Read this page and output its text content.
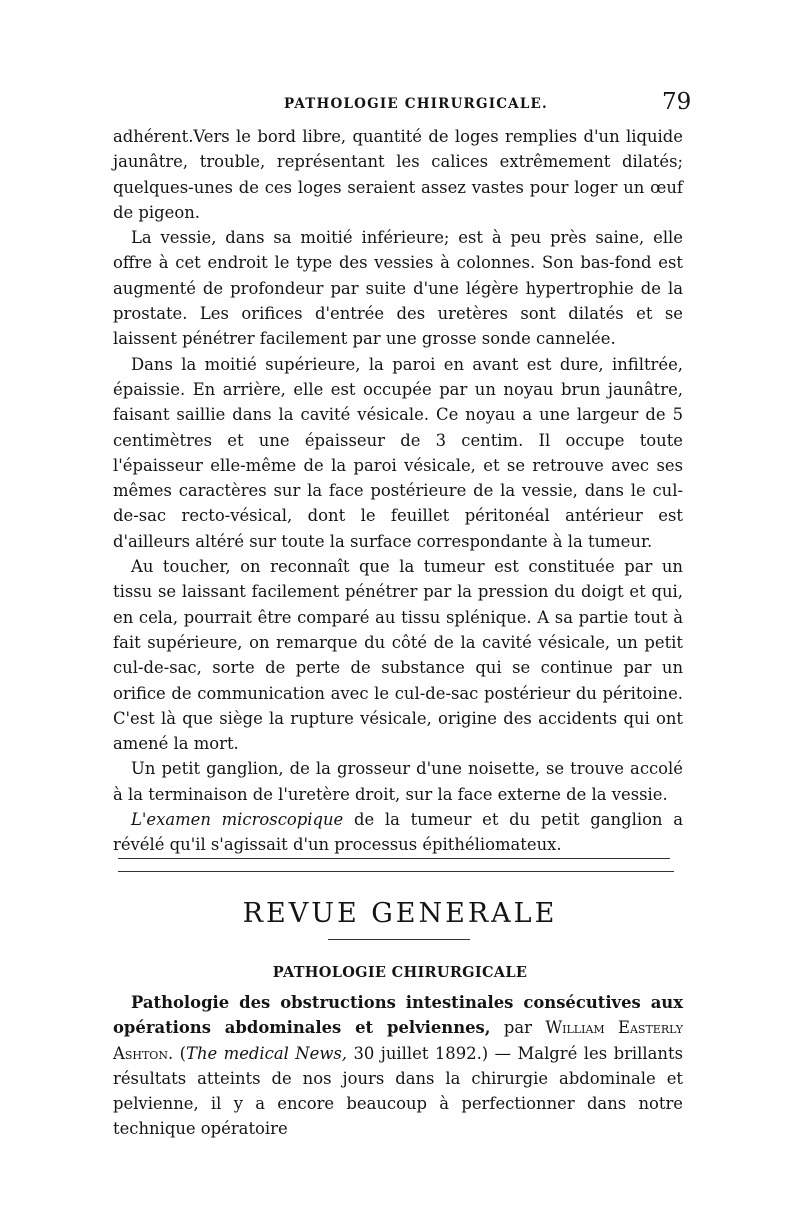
PATHOLOGIE CHIRURGICALE.	79

adhérent.Vers le bord libre, quantité de loges remplies d'un liquide jaunâtre, trouble, représentant les calices extrêmement dilatés; quelques-unes de ces loges seraient assez vastes pour loger un œuf de pigeon.

La vessie, dans sa moitié inférieure; est à peu près saine, elle offre à cet endroit le type des vessies à colonnes. Son bas-fond est augmenté de profondeur par suite d'une légère hypertrophie de la prostate. Les orifices d'entrée des uretères sont dilatés et se laissent pénétrer facilement par une grosse sonde cannelée.

Dans la moitié supérieure, la paroi en avant est dure, infiltrée, épaissie. En arrière, elle est occupée par un noyau brun jaunâtre, faisant saillie dans la cavité vésicale. Ce noyau a une largeur de 5 centimètres et une épaisseur de 3 centim. Il occupe toute l'épaisseur elle-même de la paroi vésicale, et se retrouve avec ses mêmes caractères sur la face postérieure de la vessie, dans le cul-de-sac recto-vésical, dont le feuillet péritonéal antérieur est d'ailleurs altéré sur toute la surface correspondante à la tumeur.

Au toucher, on reconnaît que la tumeur est constituée par un tissu se laissant facilement pénétrer par la pression du doigt et qui, en cela, pourrait être comparé au tissu splénique. A sa partie tout à fait supérieure, on remarque du côté de la cavité vésicale, un petit cul-de-sac, sorte de perte de substance qui se continue par un orifice de communication avec le cul-de-sac postérieur du péritoine. C'est là que siège la rupture vésicale, origine des accidents qui ont amené la mort.

Un petit ganglion, de la grosseur d'une noisette, se trouve accolé à la terminaison de l'uretère droit, sur la face externe de la vessie.

L'examen microscopique de la tumeur et du petit ganglion a révélé qu'il s'agissait d'un processus épithéliomateux.

REVUE GENERALE
PATHOLOGIE CHIRURGICALE

Pathologie des obstructions intestinales consécutives aux opérations abdominales et pelviennes, par William Easterly Ashton. (The medical News, 30 juillet 1892.) — Malgré les brillants résultats atteints de nos jours dans la chirurgie abdominale et pelvienne, il y a encore beaucoup à perfectionner dans notre technique opératoire
